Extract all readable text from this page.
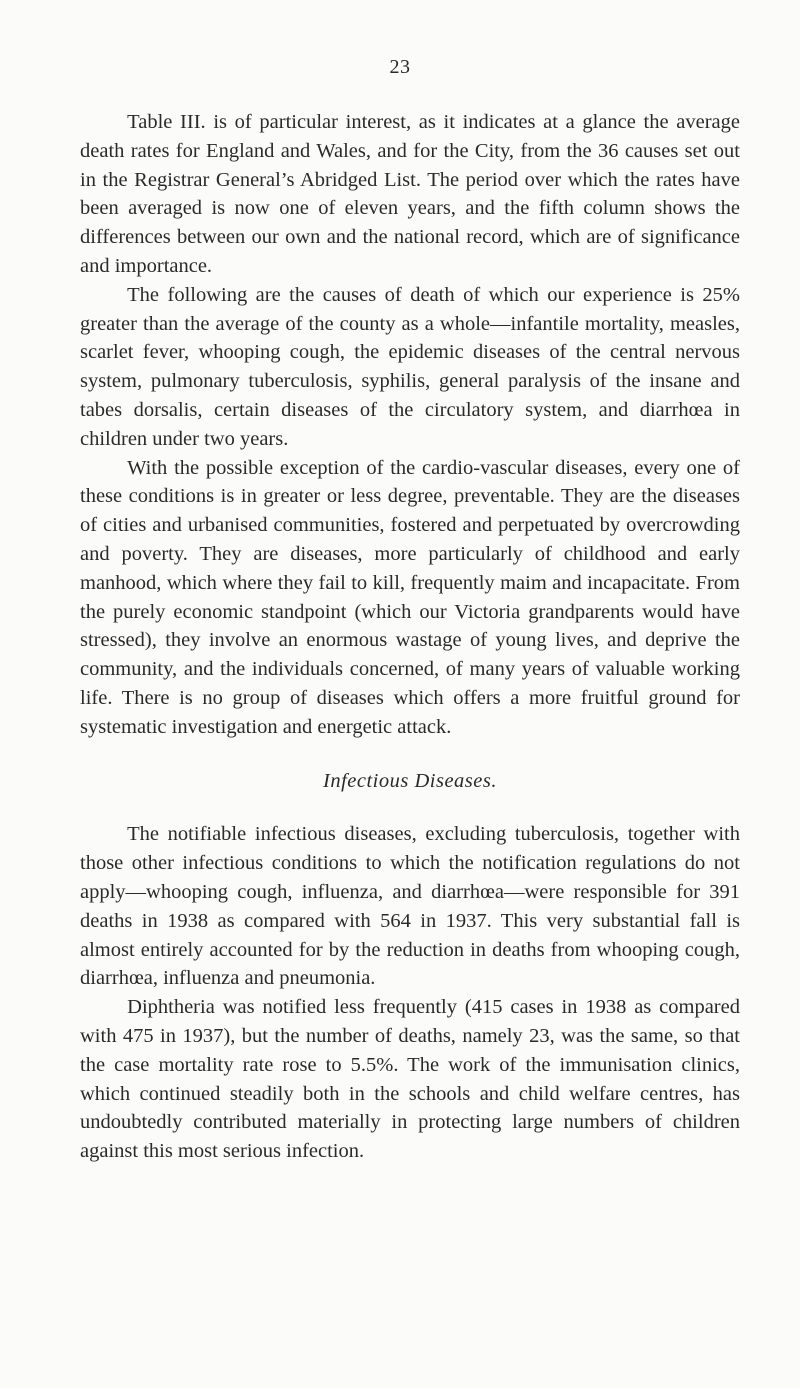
23

Table III. is of particular interest, as it indicates at a glance the average death rates for England and Wales, and for the City, from the 36 causes set out in the Registrar General’s Abridged List. The period over which the rates have been averaged is now one of eleven years, and the fifth column shows the differences between our own and the national record, which are of significance and importance.

The following are the causes of death of which our experience is 25% greater than the average of the county as a whole—infantile mortality, measles, scarlet fever, whooping cough, the epidemic diseases of the central nervous system, pulmonary tuberculosis, syphilis, general paralysis of the insane and tabes dorsalis, certain diseases of the circulatory system, and diarrhœa in children under two years.

With the possible exception of the cardio-vascular diseases, every one of these conditions is in greater or less degree, preventable. They are the diseases of cities and urbanised communities, fostered and perpetuated by overcrowding and poverty. They are diseases, more particularly of childhood and early manhood, which where they fail to kill, frequently maim and incapacitate. From the purely economic standpoint (which our Victoria grandparents would have stressed), they involve an enormous wastage of young lives, and deprive the community, and the individuals concerned, of many years of valuable working life. There is no group of diseases which offers a more fruitful ground for systematic investigation and energetic attack.

Infectious Diseases.

The notifiable infectious diseases, excluding tuberculosis, together with those other infectious conditions to which the notification regulations do not apply—whooping cough, influenza, and diarrhœa—were responsible for 391 deaths in 1938 as compared with 564 in 1937. This very substantial fall is almost entirely accounted for by the reduction in deaths from whooping cough, diarrhœa, influenza and pneumonia.

Diphtheria was notified less frequently (415 cases in 1938 as compared with 475 in 1937), but the number of deaths, namely 23, was the same, so that the case mortality rate rose to 5.5%. The work of the immunisation clinics, which continued steadily both in the schools and child welfare centres, has undoubtedly contributed materially in protecting large numbers of children against this most serious infection.
